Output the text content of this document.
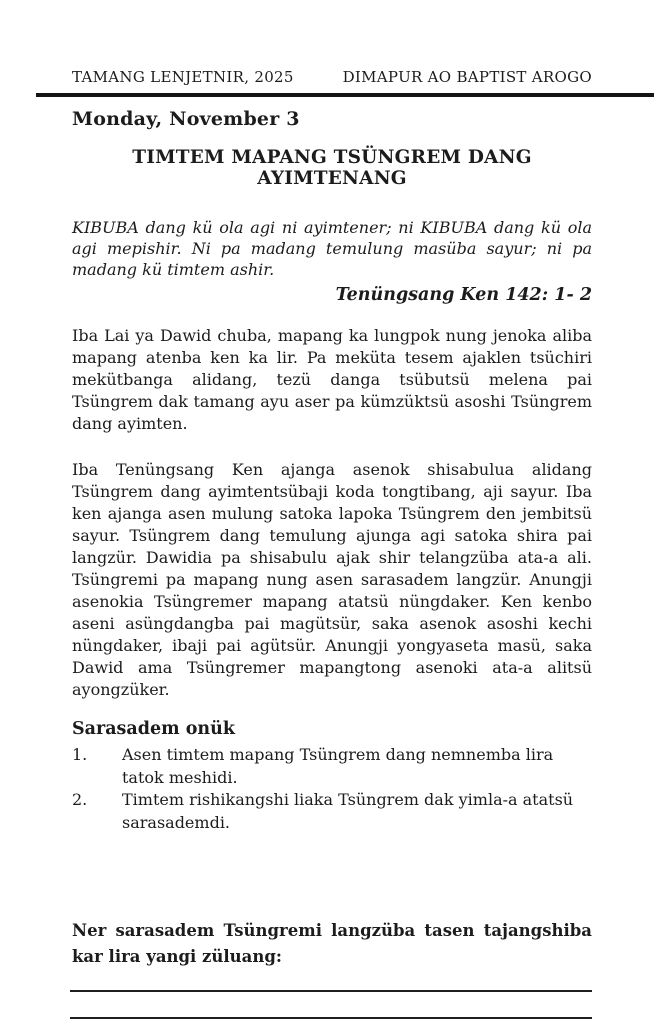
TAMANG LENJETNIR, 2025	DIMAPUR AO BAPTIST AROGO
Monday, November 3
TIMTEM MAPANG TSÜNGREM DANG AYIMTENANG

KIBUBA dang kü ola agi ni ayimtener; ni KIBUBA dang kü ola agi mepishir. Ni pa madang temulung masüba sayur; ni pa madang kü timtem ashir.

Tenüngsang Ken 142: 1- 2

Iba Lai ya Dawid chuba, mapang ka lungpok nung jenoka aliba mapang atenba ken ka lir. Pa meküta tesem ajaklen tsüchiri mekütbanga alidang, tezü danga tsübutsü melena pai Tsüngrem dak tamang ayu aser pa kümzüktsü asoshi Tsüngrem dang ayimten.

Iba Tenüngsang Ken ajanga asenok shisabulua alidang Tsüngrem dang ayimtentsübaji koda tongtibang, aji sayur. Iba ken ajanga asen mulung satoka lapoka Tsüngrem den jembitsü sayur. Tsüngrem dang temulung ajunga agi satoka shira pai langzür. Dawidia pa shisabulu ajak shir telangzüba ata-a ali. Tsüngremi pa mapang nung asen sarasadem langzür. Anungji asenokia Tsüngremer mapang atatsü nüngdaker. Ken kenbo aseni asüngdangba pai magütsür, saka asenok asoshi kechi nüngdaker, ibaji pai agütsür. Anungji yongyaseta masü, saka Dawid ama Tsüngremer mapangtong asenoki ata-a alitsü ayongzüker.

Sarasadem onük
1. Asen timtem mapang Tsüngrem dang nemnemba lira tatok meshidi.
2. Timtem rishikangshi liaka Tsüngrem dak yimla-a atatsü sarasademdi.

Ner sarasadem Tsüngremi langzüba tasen tajangshiba kar lira yangi züluang:
